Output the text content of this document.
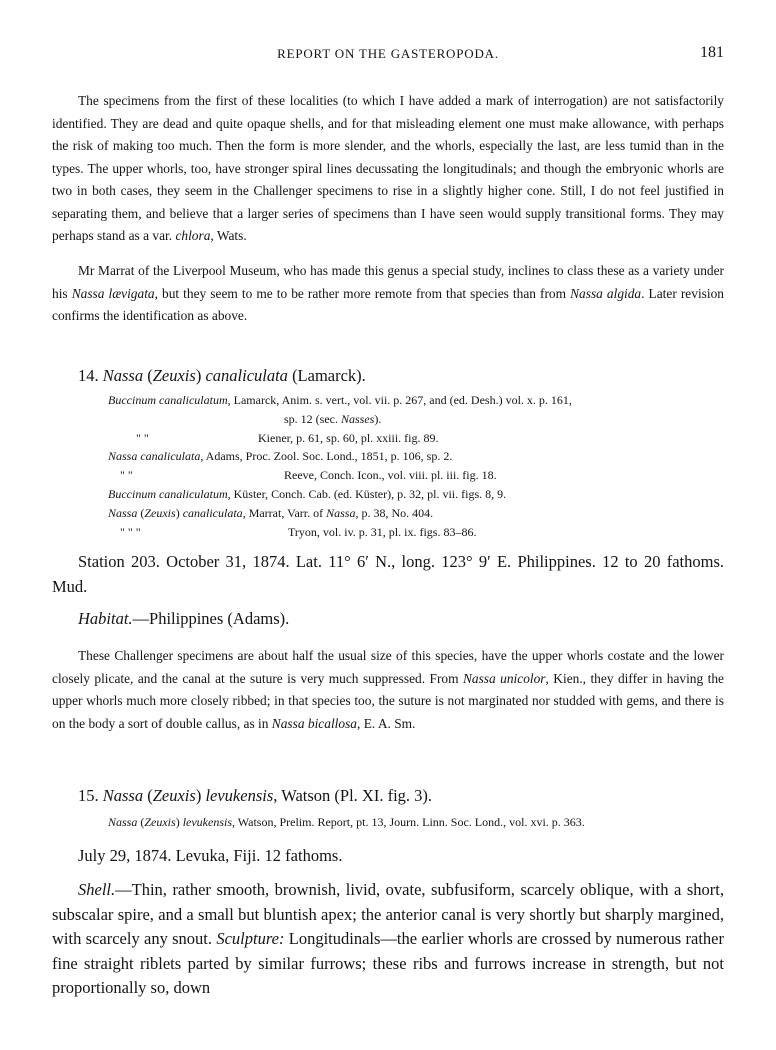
REPORT ON THE GASTEROPODA.	181

The specimens from the first of these localities (to which I have added a mark of interrogation) are not satisfactorily identified. They are dead and quite opaque shells, and for that misleading element one must make allowance, with perhaps the risk of making too much. Then the form is more slender, and the whorls, especially the last, are less tumid than in the types. The upper whorls, too, have stronger spiral lines decussating the longitudinals; and though the embryonic whorls are two in both cases, they seem in the Challenger specimens to rise in a slightly higher cone. Still, I do not feel justified in separating them, and believe that a larger series of specimens than I have seen would supply transitional forms. They may perhaps stand as a var. chlora, Wats.

Mr Marrat of the Liverpool Museum, who has made this genus a special study, inclines to class these as a variety under his Nassa lævigata, but they seem to me to be rather more remote from that species than from Nassa algida. Later revision confirms the identification as above.

14. Nassa (Zeuxis) canaliculata (Lamarck).

Buccinum canaliculatum, Lamarck, Anim. s. vert., vol. vii. p. 267, and (ed. Desh.) vol. x. p. 161,
sp. 12 (sec. Nasses).
" "	Kiener, p. 61, sp. 60, pl. xxiii. fig. 89.
Nassa canaliculata, Adams, Proc. Zool. Soc. Lond., 1851, p. 106, sp. 2.
" "	Reeve, Conch. Icon., vol. viii. pl. iii. fig. 18.
Buccinum canaliculatum, Küster, Conch. Cab. (ed. Küster), p. 32, pl. vii. figs. 8, 9.
Nassa (Zeuxis) canaliculata, Marrat, Varr. of Nassa, p. 38, No. 404.
" " "	Tryon, vol. iv. p. 31, pl. ix. figs. 83–86.

Station 203. October 31, 1874. Lat. 11° 6′ N., long. 123° 9′ E. Philippines. 12 to 20 fathoms. Mud.

Habitat.—Philippines (Adams).

These Challenger specimens are about half the usual size of this species, have the upper whorls costate and the lower closely plicate, and the canal at the suture is very much suppressed. From Nassa unicolor, Kien., they differ in having the upper whorls much more closely ribbed; in that species too, the suture is not marginated nor studded with gems, and there is on the body a sort of double callus, as in Nassa bicallosa, E. A. Sm.

15. Nassa (Zeuxis) levukensis, Watson (Pl. XI. fig. 3).

Nassa (Zeuxis) levukensis, Watson, Prelim. Report, pt. 13, Journ. Linn. Soc. Lond., vol. xvi. p. 363.

July 29, 1874. Levuka, Fiji. 12 fathoms.

Shell.—Thin, rather smooth, brownish, livid, ovate, subfusiform, scarcely oblique, with a short, subscalar spire, and a small but bluntish apex; the anterior canal is very shortly but sharply margined, with scarcely any snout. Sculpture: Longitudinals—the earlier whorls are crossed by numerous rather fine straight riblets parted by similar furrows; these ribs and furrows increase in strength, but not proportionally so, down
